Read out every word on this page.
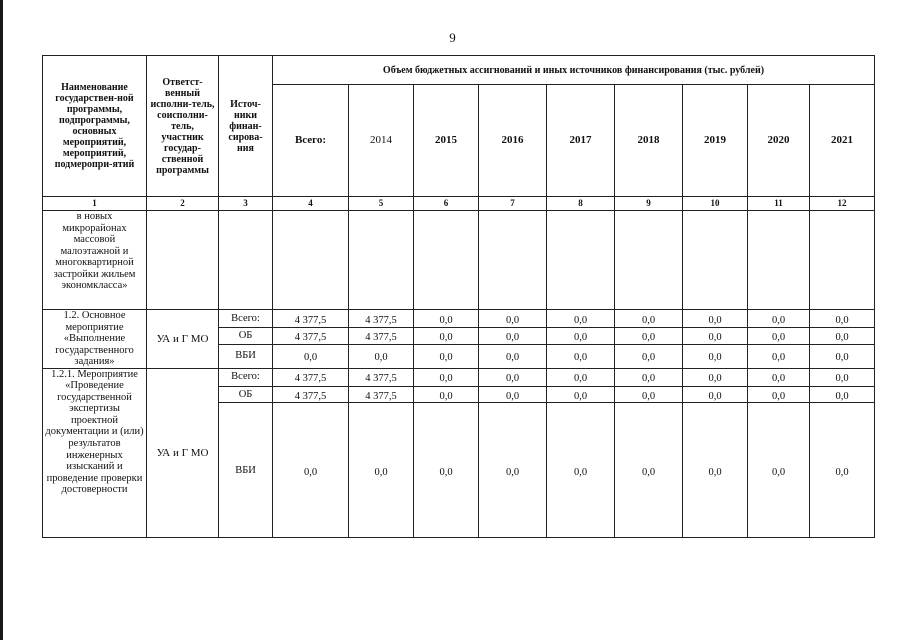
9
Наименование государствен-ной программы, подпрограммы, основных мероприятий, мероприятий, подмеропри-ятий	Ответст-венный исполни-тель, соисполни-тель, участник государ-ственной программы	Источ-ники финан-сирова-ния	Объем бюджетных ассигнований и иных источников финансирования (тыс. рублей)								
			Всего:	2014	2015	2016	2017	2018	2019	2020	2021
1	2	3	4	5	6	7	8	9	10	11	12
в новых микрорайонах массовой малоэтажной и многоквартирной застройки жильем экономкласса»											
1.2. Основное мероприятие «Выполнение государственного задания»	УА и Г МО	Всего:	4 377,5	4 377,5	0,0	0,0	0,0	0,0	0,0	0,0	0,0
		ОБ	4 377,5	4 377,5	0,0	0,0	0,0	0,0	0,0	0,0	0,0
		ВБИ	0,0	0,0	0,0	0,0	0,0	0,0	0,0	0,0	0,0
1.2.1. Мероприятие «Проведение государственной экспертизы проектной документации и (или) результатов инженерных изысканий и проведение проверки достоверности	УА и Г МО	Всего:	4 377,5	4 377,5	0,0	0,0	0,0	0,0	0,0	0,0	0,0
		ОБ	4 377,5	4 377,5	0,0	0,0	0,0	0,0	0,0	0,0	0,0
		ВБИ	0,0	0,0	0,0	0,0	0,0	0,0	0,0	0,0	0,0
